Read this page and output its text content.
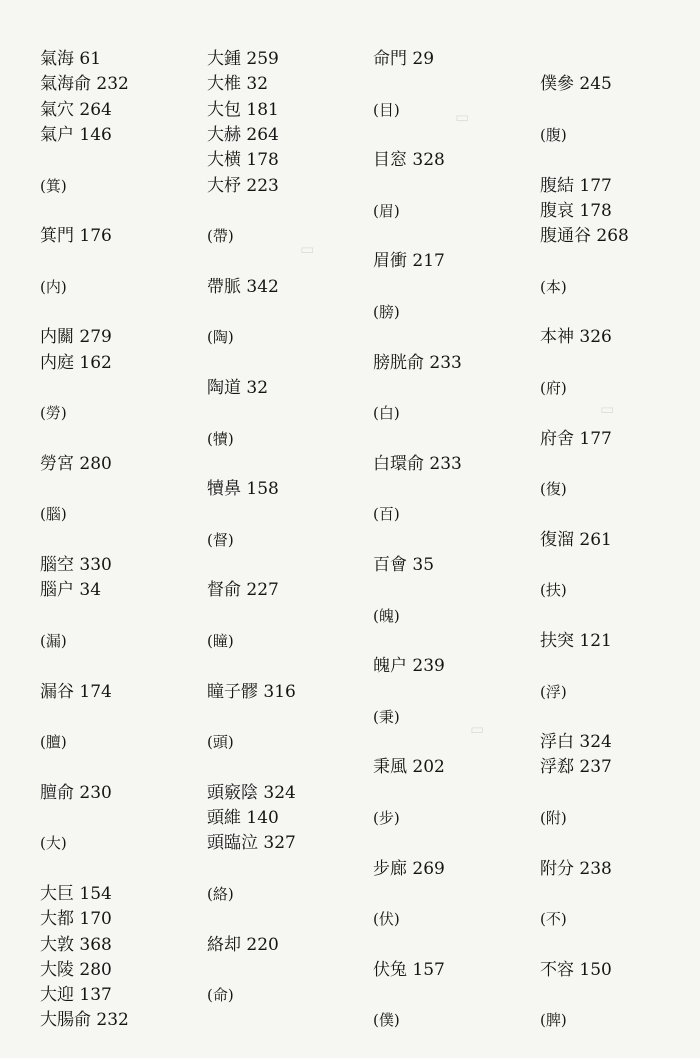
▭
▭
▭
▭
氣海 61
氣海俞 232
氣穴 264
氣户 146
(箕)
箕門 176
(内)
内關 279
内庭 162
(勞)
勞宮 280
(腦)
腦空 330
腦户 34
(漏)
漏谷 174
(膻)
膻俞 230
(大)
大巨 154
大都 170
大敦 368
大陵 280
大迎 137
大腸俞 232
大鍾 259
大椎 32
大包 181
大赫 264
大横 178
大杼 223
(帶)
帶脈 342
(陶)
陶道 32
(犢)
犢鼻 158
(督)
督俞 227
(瞳)
瞳子髎 316
(頭)
頭竅陰 324
頭維 140
頭臨泣 327
(絡)
絡却 220
(命)
命門 29
(目)
目窓 328
(眉)
眉衝 217
(膀)
膀胱俞 233
(白)
白環俞 233
(百)
百會 35
(魄)
魄户 239
(秉)
秉風 202
(步)
步廊 269
(伏)
伏兔 157
(僕)
僕參 245
(腹)
腹結 177
腹哀 178
腹通谷 268
(本)
本神 326
(府)
府舍 177
(復)
復溜 261
(扶)
扶突 121
(浮)
浮白 324
浮郄 237
(附)
附分 238
(不)
不容 150
(脾)
